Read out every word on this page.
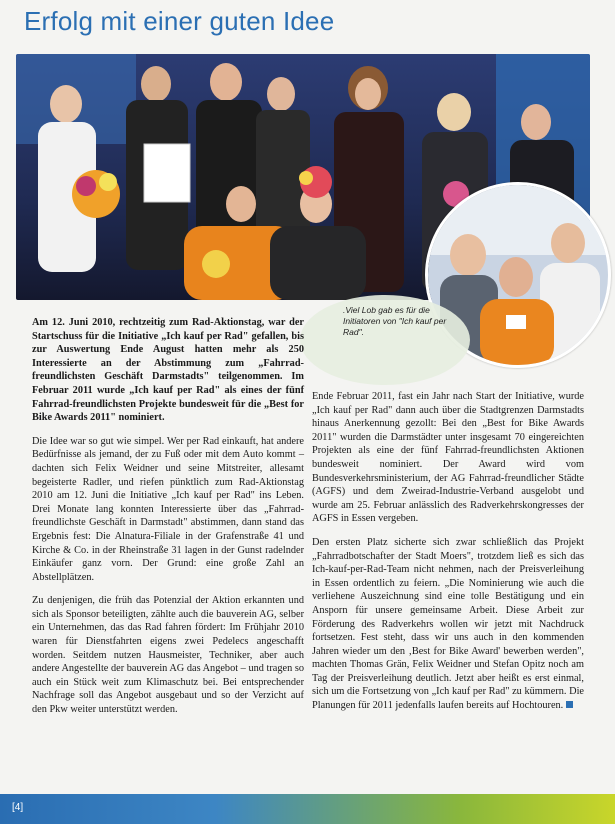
Erfolg mit einer guten Idee
.Viel Lob gab es für die Initiatoren von "Ich kauf per Rad".

Am 12. Juni 2010, rechtzeitig zum Rad-Aktionstag, war der Startschuss für die Initiative „Ich kauf per Rad" gefallen, bis zur Auswertung Ende August hatten mehr als 250 Interessierte an der Abstimmung zum „Fahrrad-freundlichsten Geschäft Darmstadts" teilgenommen. Im Februar 2011 wurde „Ich kauf per Rad" als eines der fünf Fahrrad-freundlichsten Projekte bundesweit für die „Best for Bike Awards 2011" nominiert.

Die Idee war so gut wie simpel. Wer per Rad einkauft, hat andere Bedürfnisse als jemand, der zu Fuß oder mit dem Auto kommt – dachten sich Felix Weidner und seine Mitstreiter, allesamt begeisterte Radler, und riefen pünktlich zum Rad-Aktionstag 2010 am 12. Juni die Initiative „Ich kauf per Rad" ins Leben. Drei Monate lang konnten Interessierte über das „Fahrrad-freundlichste Geschäft in Darmstadt" abstimmen, dann stand das Ergebnis fest: Die Alnatura-Filiale in der Grafenstraße 41 und Kirche & Co. in der Rheinstraße 31 lagen in der Gunst radelnder Einkäufer ganz vorn. Der Grund: eine große Zahl an Abstellplätzen.

Zu denjenigen, die früh das Potenzial der Aktion erkannten und sich als Sponsor beteiligten, zählte auch die bauverein AG, selber ein Unternehmen, das das Rad fahren fördert: Im Frühjahr 2010 waren für Dienstfahrten eigens zwei Pedelecs angeschafft worden. Seitdem nutzen Hausmeister, Techniker, aber auch andere Angestellte der bauverein AG das Angebot – und tragen so auch ein Stück weit zum Klimaschutz bei. Bei entsprechender Nachfrage soll das Angebot ausgebaut und so der Verzicht auf den Pkw weiter unterstützt werden.

Ende Februar 2011, fast ein Jahr nach Start der Initiative, wurde „Ich kauf per Rad" dann auch über die Stadtgrenzen Darmstadts hinaus Anerkennung gezollt: Bei den „Best for Bike Awards 2011" wurden die Darmstädter unter insgesamt 70 eingereichten Projekten als eine der fünf Fahrrad-freundlichsten Aktionen bundesweit nominiert. Der Award wird vom Bundesverkehrsministerium, der AG Fahrrad-freundlicher Städte (AGFS) und dem Zweirad-Industrie-Verband ausgelobt und wurde am 25. Februar anlässlich des Radverkehrskongresses der AGFS in Essen vergeben.

Den ersten Platz sicherte sich zwar schließlich das Projekt „Fahrradbotschafter der Stadt Moers", trotzdem ließ es sich das Ich-kauf-per-Rad-Team nicht nehmen, nach der Preisverleihung in Essen ordentlich zu feiern. „Die Nominierung wie auch die verliehene Auszeichnung sind eine tolle Bestätigung und ein Ansporn für unsere gemeinsame Arbeit. Diese Arbeit zur Förderung des Radverkehrs wollen wir jetzt mit Nachdruck fortsetzen. Fest steht, dass wir uns auch in den kommenden Jahren wieder um den ‚Best for Bike Award' bewerben werden", machten Thomas Grän, Felix Weidner und Stefan Opitz noch am Tag der Preisverleihung deutlich. Jetzt aber heißt es erst einmal, sich um die Fortsetzung von „Ich kauf per Rad" zu kümmern. Die Planungen für 2011 jedenfalls laufen bereits auf Hochtouren.

[4]
